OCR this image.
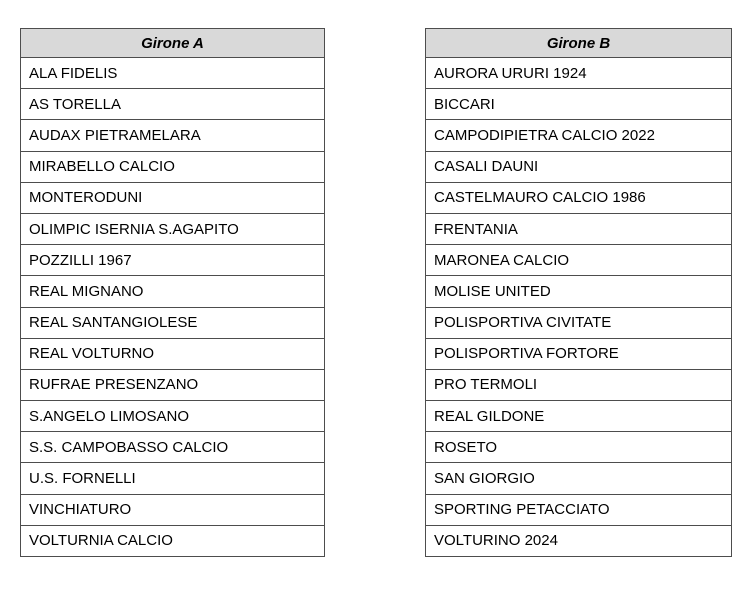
Girone A
ALA FIDELIS
AS TORELLA
AUDAX PIETRAMELARA
MIRABELLO CALCIO
MONTERODUNI
OLIMPIC ISERNIA S.AGAPITO
POZZILLI 1967
REAL MIGNANO
REAL SANTANGIOLESE
REAL VOLTURNO
RUFRAE PRESENZANO
S.ANGELO LIMOSANO
S.S. CAMPOBASSO CALCIO
U.S. FORNELLI
VINCHIATURO
VOLTURNIA CALCIO
Girone B
AURORA URURI 1924
BICCARI
CAMPODIPIETRA CALCIO 2022
CASALI DAUNI
CASTELMAURO CALCIO 1986
FRENTANIA
MARONEA CALCIO
MOLISE UNITED
POLISPORTIVA CIVITATE
POLISPORTIVA FORTORE
PRO TERMOLI
REAL GILDONE
ROSETO
SAN GIORGIO
SPORTING PETACCIATO
VOLTURINO 2024
